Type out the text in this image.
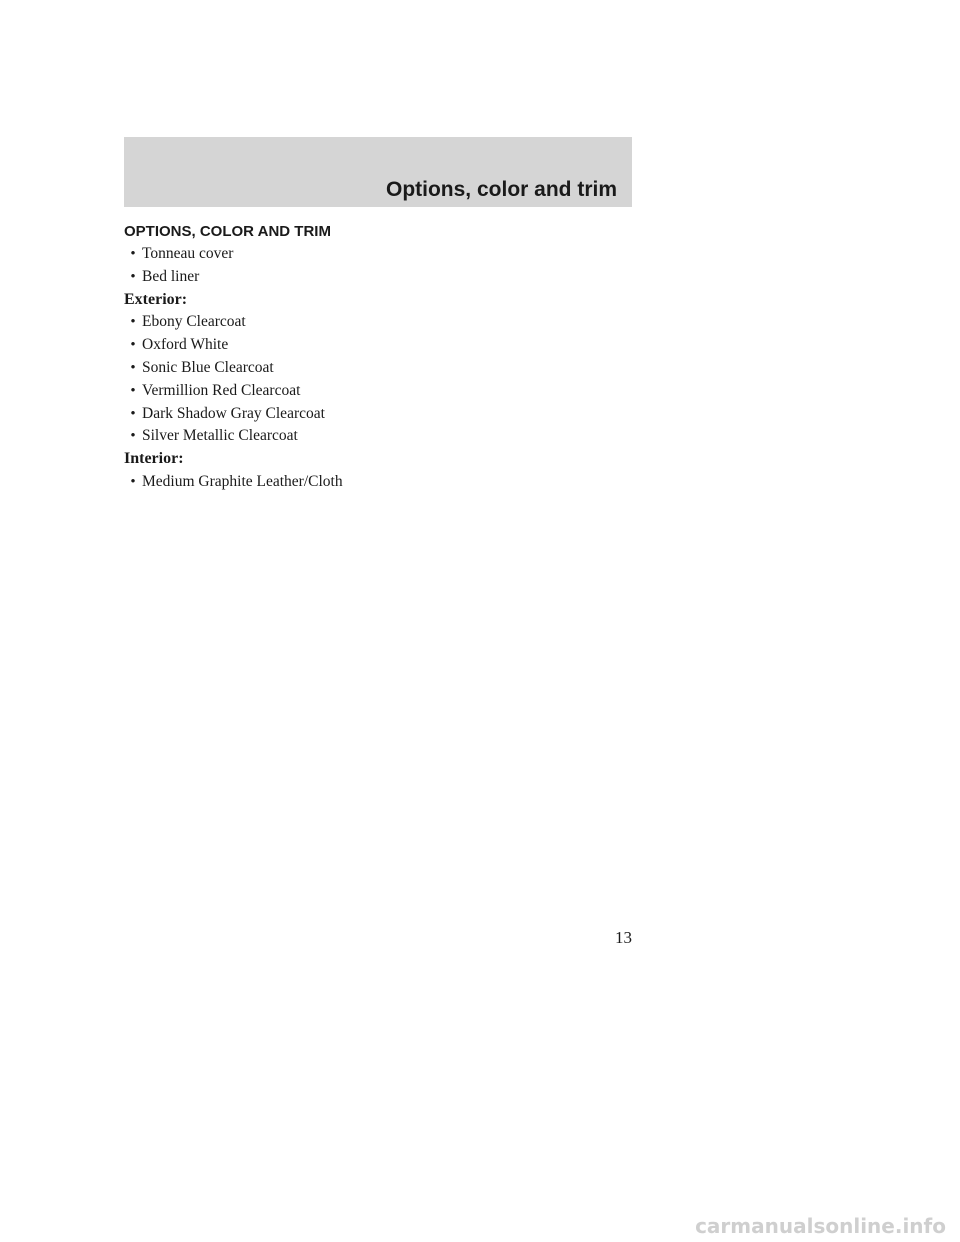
Options, color and trim

OPTIONS, COLOR AND TRIM

• Tonneau cover
• Bed liner

Exterior:

• Ebony Clearcoat
• Oxford White
• Sonic Blue Clearcoat
• Vermillion Red Clearcoat
• Dark Shadow Gray Clearcoat
• Silver Metallic Clearcoat

Interior:

• Medium Graphite Leather/Cloth
13
carmanualsonline.info
